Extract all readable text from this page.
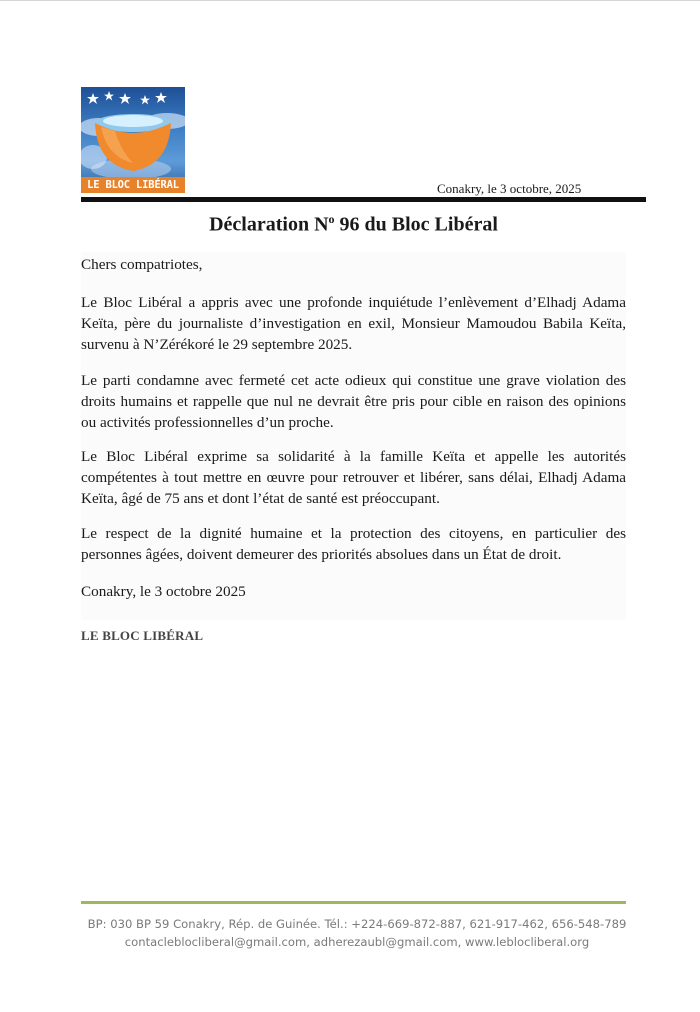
LE BLOC LIBÉRAL	Conakry, le 3 octobre, 2025
Déclaration $N^o$ 96 du Bloc Libéral

Chers compatriotes,

Le Bloc Libéral a appris avec une profonde inquiétude l’enlèvement d’Elhadj Adama Keïta, père du journaliste d’investigation en exil, Monsieur Mamoudou Babila Keïta, survenu à N’Zérékoré le 29 septembre 2025.

Le parti condamne avec fermeté cet acte odieux qui constitue une grave violation des droits humains et rappelle que nul ne devrait être pris pour cible en raison des opinions ou activités professionnelles d’un proche.

Le Bloc Libéral exprime sa solidarité à la famille Keïta et appelle les autorités compétentes à tout mettre en œuvre pour retrouver et libérer, sans délai, Elhadj Adama Keïta, âgé de 75 ans et dont l’état de santé est préoccupant.

Le respect de la dignité humaine et la protection des citoyens, en particulier des personnes âgées, doivent demeurer des priorités absolues dans un État de droit.

Conakry, le 3 octobre 2025

LE BLOC LIBÉRAL
BP: 030 BP 59 Conakry, Rép. de Guinée. Tél.: +224-669-872-887, 621-917-462, 656-548-789
contacleblocliberal@gmail.com, adherezaubl@gmail.com, www.leblocliberal.org
